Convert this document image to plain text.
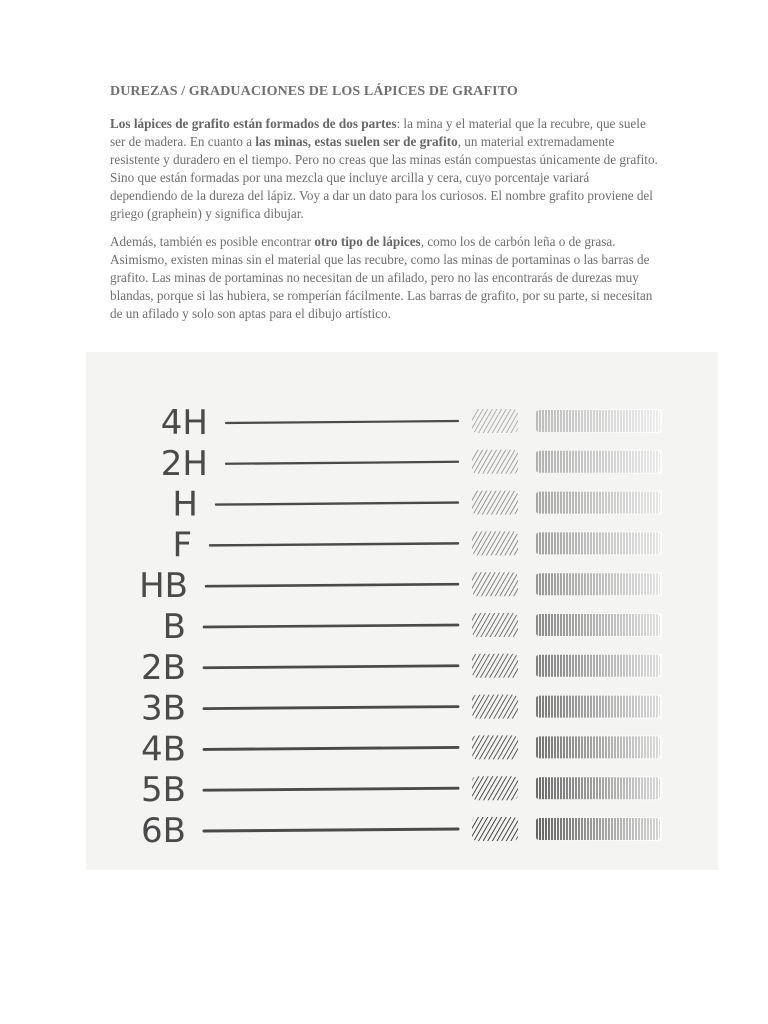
DUREZAS / GRADUACIONES DE LOS LÁPICES DE GRAFITO

Los lápices de grafito están formados de dos partes: la mina y el material que la recubre, que suele ser de madera. En cuanto a las minas, estas suelen ser de grafito, un material extremadamente resistente y duradero en el tiempo. Pero no creas que las minas están compuestas únicamente de grafito. Sino que están formadas por una mezcla que incluye arcilla y cera, cuyo porcentaje variará dependiendo de la dureza del lápiz. Voy a dar un dato para los curiosos. El nombre grafito proviene del griego (graphein) y significa dibujar.

Además, también es posible encontrar otro tipo de lápices, como los de carbón leña o de grasa. Asimismo, existen minas sin el material que las recubre, como las minas de portaminas o las barras de grafito. Las minas de portaminas no necesitan de un afilado, pero no las encontrarás de durezas muy blandas, porque si las hubiera, se romperían fácilmente. Las barras de grafito, por su parte, si necesitan de un afilado y solo son aptas para el dibujo artístico.

4H
2H
H
F
HB
B
2B
3B
4B
5B
6B
